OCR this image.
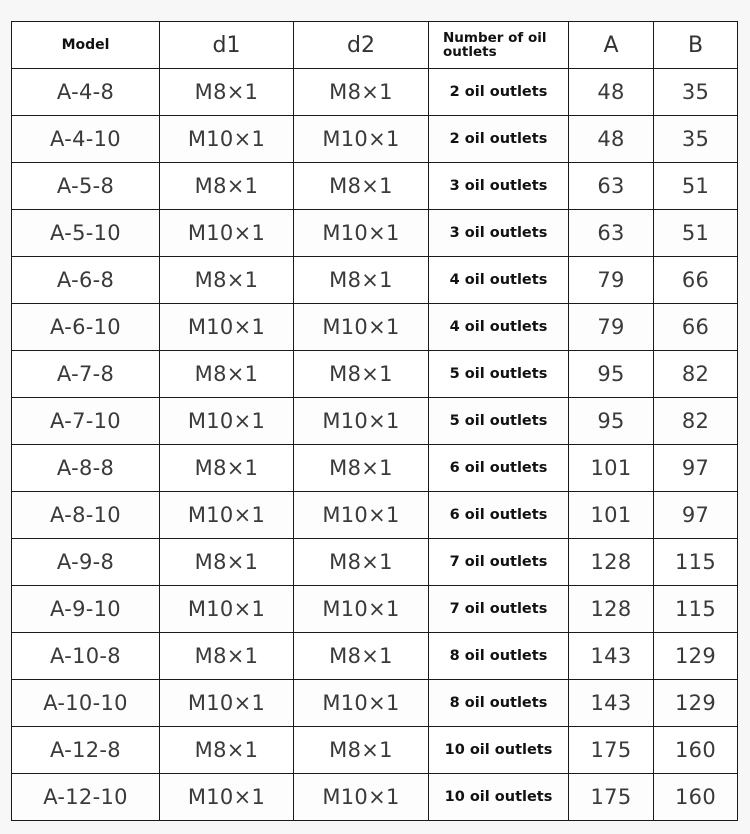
Model	d1	d2	Number of oil outlets	A	B
A-4-8	M8×1	M8×1	2 oil outlets	48	35
A-4-10	M10×1	M10×1	2 oil outlets	48	35
A-5-8	M8×1	M8×1	3 oil outlets	63	51
A-5-10	M10×1	M10×1	3 oil outlets	63	51
A-6-8	M8×1	M8×1	4 oil outlets	79	66
A-6-10	M10×1	M10×1	4 oil outlets	79	66
A-7-8	M8×1	M8×1	5 oil outlets	95	82
A-7-10	M10×1	M10×1	5 oil outlets	95	82
A-8-8	M8×1	M8×1	6 oil outlets	101	97
A-8-10	M10×1	M10×1	6 oil outlets	101	97
A-9-8	M8×1	M8×1	7 oil outlets	128	115
A-9-10	M10×1	M10×1	7 oil outlets	128	115
A-10-8	M8×1	M8×1	8 oil outlets	143	129
A-10-10	M10×1	M10×1	8 oil outlets	143	129
A-12-8	M8×1	M8×1	10 oil outlets	175	160
A-12-10	M10×1	M10×1	10 oil outlets	175	160
